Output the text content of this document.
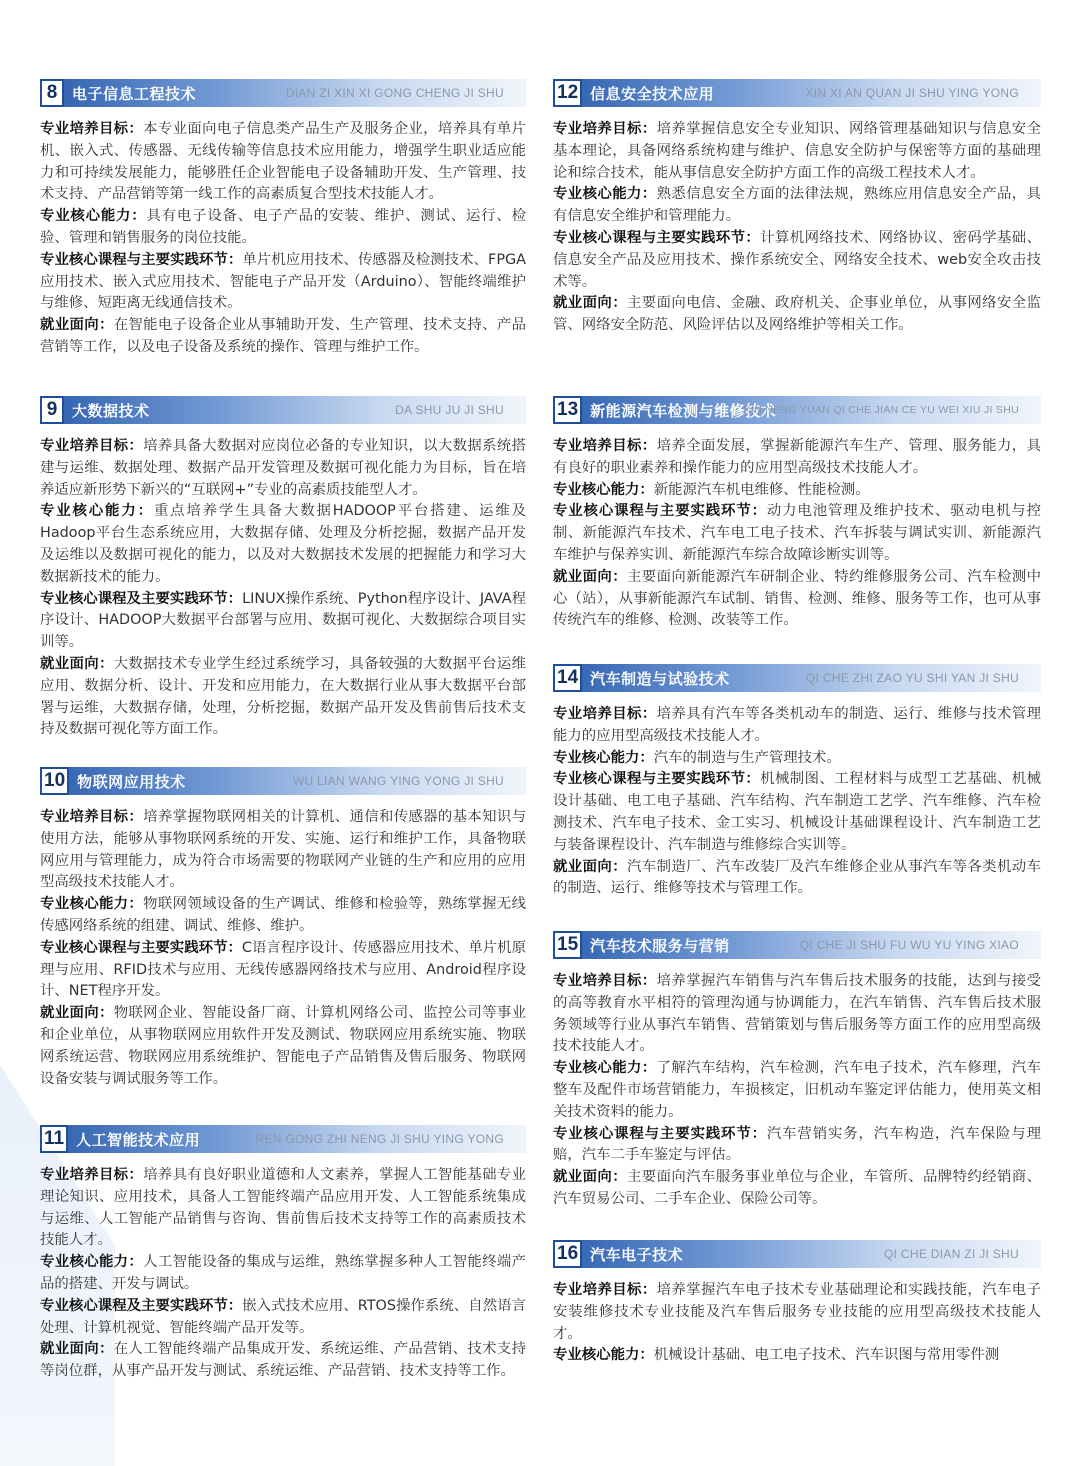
8 电子信息工程技术	DIAN ZI XIN XI GONG CHENG JI SHU

专业培养目标：本专业面向电子信息类产品生产及服务企业，培养具有单片机、嵌入式、传感器、无线传输等信息技术应用能力，增强学生职业适应能力和可持续发展能力，能够胜任企业智能电子设备辅助开发、生产管理、技术支持、产品营销等第一线工作的高素质复合型技术技能人才。

专业核心能力：具有电子设备、电子产品的安装、维护、测试、运行、检验、管理和销售服务的岗位技能。

专业核心课程与主要实践环节：单片机应用技术、传感器及检测技术、FPGA应用技术、嵌入式应用技术、智能电子产品开发（Arduino）、智能终端维护与维修、短距离无线通信技术。

就业面向：在智能电子设备企业从事辅助开发、生产管理、技术支持、产品营销等工作，以及电子设备及系统的操作、管理与维护工作。

9 大数据技术	DA SHU JU JI SHU

专业培养目标：培养具备大数据对应岗位必备的专业知识，以大数据系统搭建与运维、数据处理、数据产品开发管理及数据可视化能力为目标，旨在培养适应新形势下新兴的“互联网+”专业的高素质技能型人才。

专业核心能力：重点培养学生具备大数据HADOOP平台搭建、运维及Hadoop平台生态系统应用，大数据存储、处理及分析挖掘，数据产品开发及运维以及数据可视化的能力，以及对大数据技术发展的把握能力和学习大数据新技术的能力。

专业核心课程及主要实践环节：LINUX操作系统、Python程序设计、JAVA程序设计、HADOOP大数据平台部署与应用、数据可视化、大数据综合项目实训等。

就业面向：大数据技术专业学生经过系统学习，具备较强的大数据平台运维应用、数据分析、设计、开发和应用能力，在大数据行业从事大数据平台部署与运维，大数据存储，处理，分析挖掘，数据产品开发及售前售后技术支持及数据可视化等方面工作。

10 物联网应用技术	WU LIAN WANG YING YONG JI SHU

专业培养目标：培养掌握物联网相关的计算机、通信和传感器的基本知识与使用方法，能够从事物联网系统的开发、实施、运行和维护工作，具备物联网应用与管理能力，成为符合市场需要的物联网产业链的生产和应用的应用型高级技术技能人才。

专业核心能力：物联网领域设备的生产调试、维修和检验等，熟练掌握无线传感网络系统的组建、调试、维修、维护。

专业核心课程与主要实践环节：C语言程序设计、传感器应用技术、单片机原理与应用、RFID技术与应用、无线传感器网络技术与应用、Android程序设计、NET程序开发。

就业面向：物联网企业、智能设备厂商、计算机网络公司、监控公司等事业和企业单位，从事物联网应用软件开发及测试、物联网应用系统实施、物联网系统运营、物联网应用系统维护、智能电子产品销售及售后服务、物联网设备安装与调试服务等工作。

11 人工智能技术应用	REN GONG ZHI NENG JI SHU YING YONG

专业培养目标：培养具有良好职业道德和人文素养，掌握人工智能基础专业理论知识、应用技术，具备人工智能终端产品应用开发、人工智能系统集成与运维、人工智能产品销售与咨询、售前售后技术支持等工作的高素质技术技能人才。

专业核心能力：人工智能设备的集成与运维，熟练掌握多种人工智能终端产品的搭建、开发与调试。

专业核心课程及主要实践环节：嵌入式技术应用、RTOS操作系统、自然语言处理、计算机视觉、智能终端产品开发等。

就业面向：在人工智能终端产品集成开发、系统运维、产品营销、技术支持等岗位群，从事产品开发与测试、系统运维、产品营销、技术支持等工作。

12 信息安全技术应用	XIN XI AN QUAN JI SHU YING YONG

专业培养目标：培养掌握信息安全专业知识、网络管理基础知识与信息安全基本理论，具备网络系统构建与维护、信息安全防护与保密等方面的基础理论和综合技术，能从事信息安全防护方面工作的高级工程技术人才。

专业核心能力：熟悉信息安全方面的法律法规，熟练应用信息安全产品，具有信息安全维护和管理能力。

专业核心课程与主要实践环节：计算机网络技术、网络协议、密码学基础、信息安全产品及应用技术、操作系统安全、网络安全技术、web安全攻击技术等。

就业面向：主要面向电信、金融、政府机关、企事业单位，从事网络安全监管、网络安全防范、风险评估以及网络维护等相关工作。

13 新能源汽车检测与维修技术
XIN NENG YUAN QI CHE JIAN CE YU WEI XIU JI SHU

专业培养目标：培养全面发展，掌握新能源汽车生产、管理、服务能力，具有良好的职业素养和操作能力的应用型高级技术技能人才。

专业核心能力：新能源汽车机电维修、性能检测。

专业核心课程与主要实践环节：动力电池管理及维护技术、驱动电机与控制、新能源汽车技术、汽车电工电子技术、汽车拆装与调试实训、新能源汽车维护与保养实训、新能源汽车综合故障诊断实训等。

就业面向：主要面向新能源汽车研制企业、特约维修服务公司、汽车检测中心（站），从事新能源汽车试制、销售、检测、维修、服务等工作，也可从事传统汽车的维修、检测、改装等工作。

14 汽车制造与试验技术	QI CHE ZHI ZAO YU SHI YAN JI SHU

专业培养目标：培养具有汽车等各类机动车的制造、运行、维修与技术管理能力的应用型高级技术技能人才。

专业核心能力：汽车的制造与生产管理技术。

专业核心课程与主要实践环节：机械制图、工程材料与成型工艺基础、机械设计基础、电工电子基础、汽车结构、汽车制造工艺学、汽车维修、汽车检测技术、汽车电子技术、金工实习、机械设计基础课程设计、汽车制造工艺与装备课程设计、汽车制造与维修综合实训等。

就业面向：汽车制造厂、汽车改装厂及汽车维修企业从事汽车等各类机动车的制造、运行、维修等技术与管理工作。

15 汽车技术服务与营销	QI CHE JI SHU FU WU YU YING XIAO

专业培养目标：培养掌握汽车销售与汽车售后技术服务的技能，达到与接受的高等教育水平相符的管理沟通与协调能力，在汽车销售、汽车售后技术服务领域等行业从事汽车销售、营销策划与售后服务等方面工作的应用型高级技术技能人才。

专业核心能力：了解汽车结构，汽车检测，汽车电子技术，汽车修理，汽车整车及配件市场营销能力，车损核定，旧机动车鉴定评估能力，使用英文相关技术资料的能力。

专业核心课程与主要实践环节：汽车营销实务，汽车构造，汽车保险与理赔，汽车二手车鉴定与评估。

就业面向：主要面向汽车服务事业单位与企业，车管所、品牌特约经销商、汽车贸易公司、二手车企业、保险公司等。

16 汽车电子技术	QI CHE DIAN ZI JI SHU

专业培养目标：培养掌握汽车电子技术专业基础理论和实践技能，汽车电子安装维修技术专业技能及汽车售后服务专业技能的应用型高级技术技能人才。

专业核心能力：机械设计基础、电工电子技术、汽车识图与常用零件测
